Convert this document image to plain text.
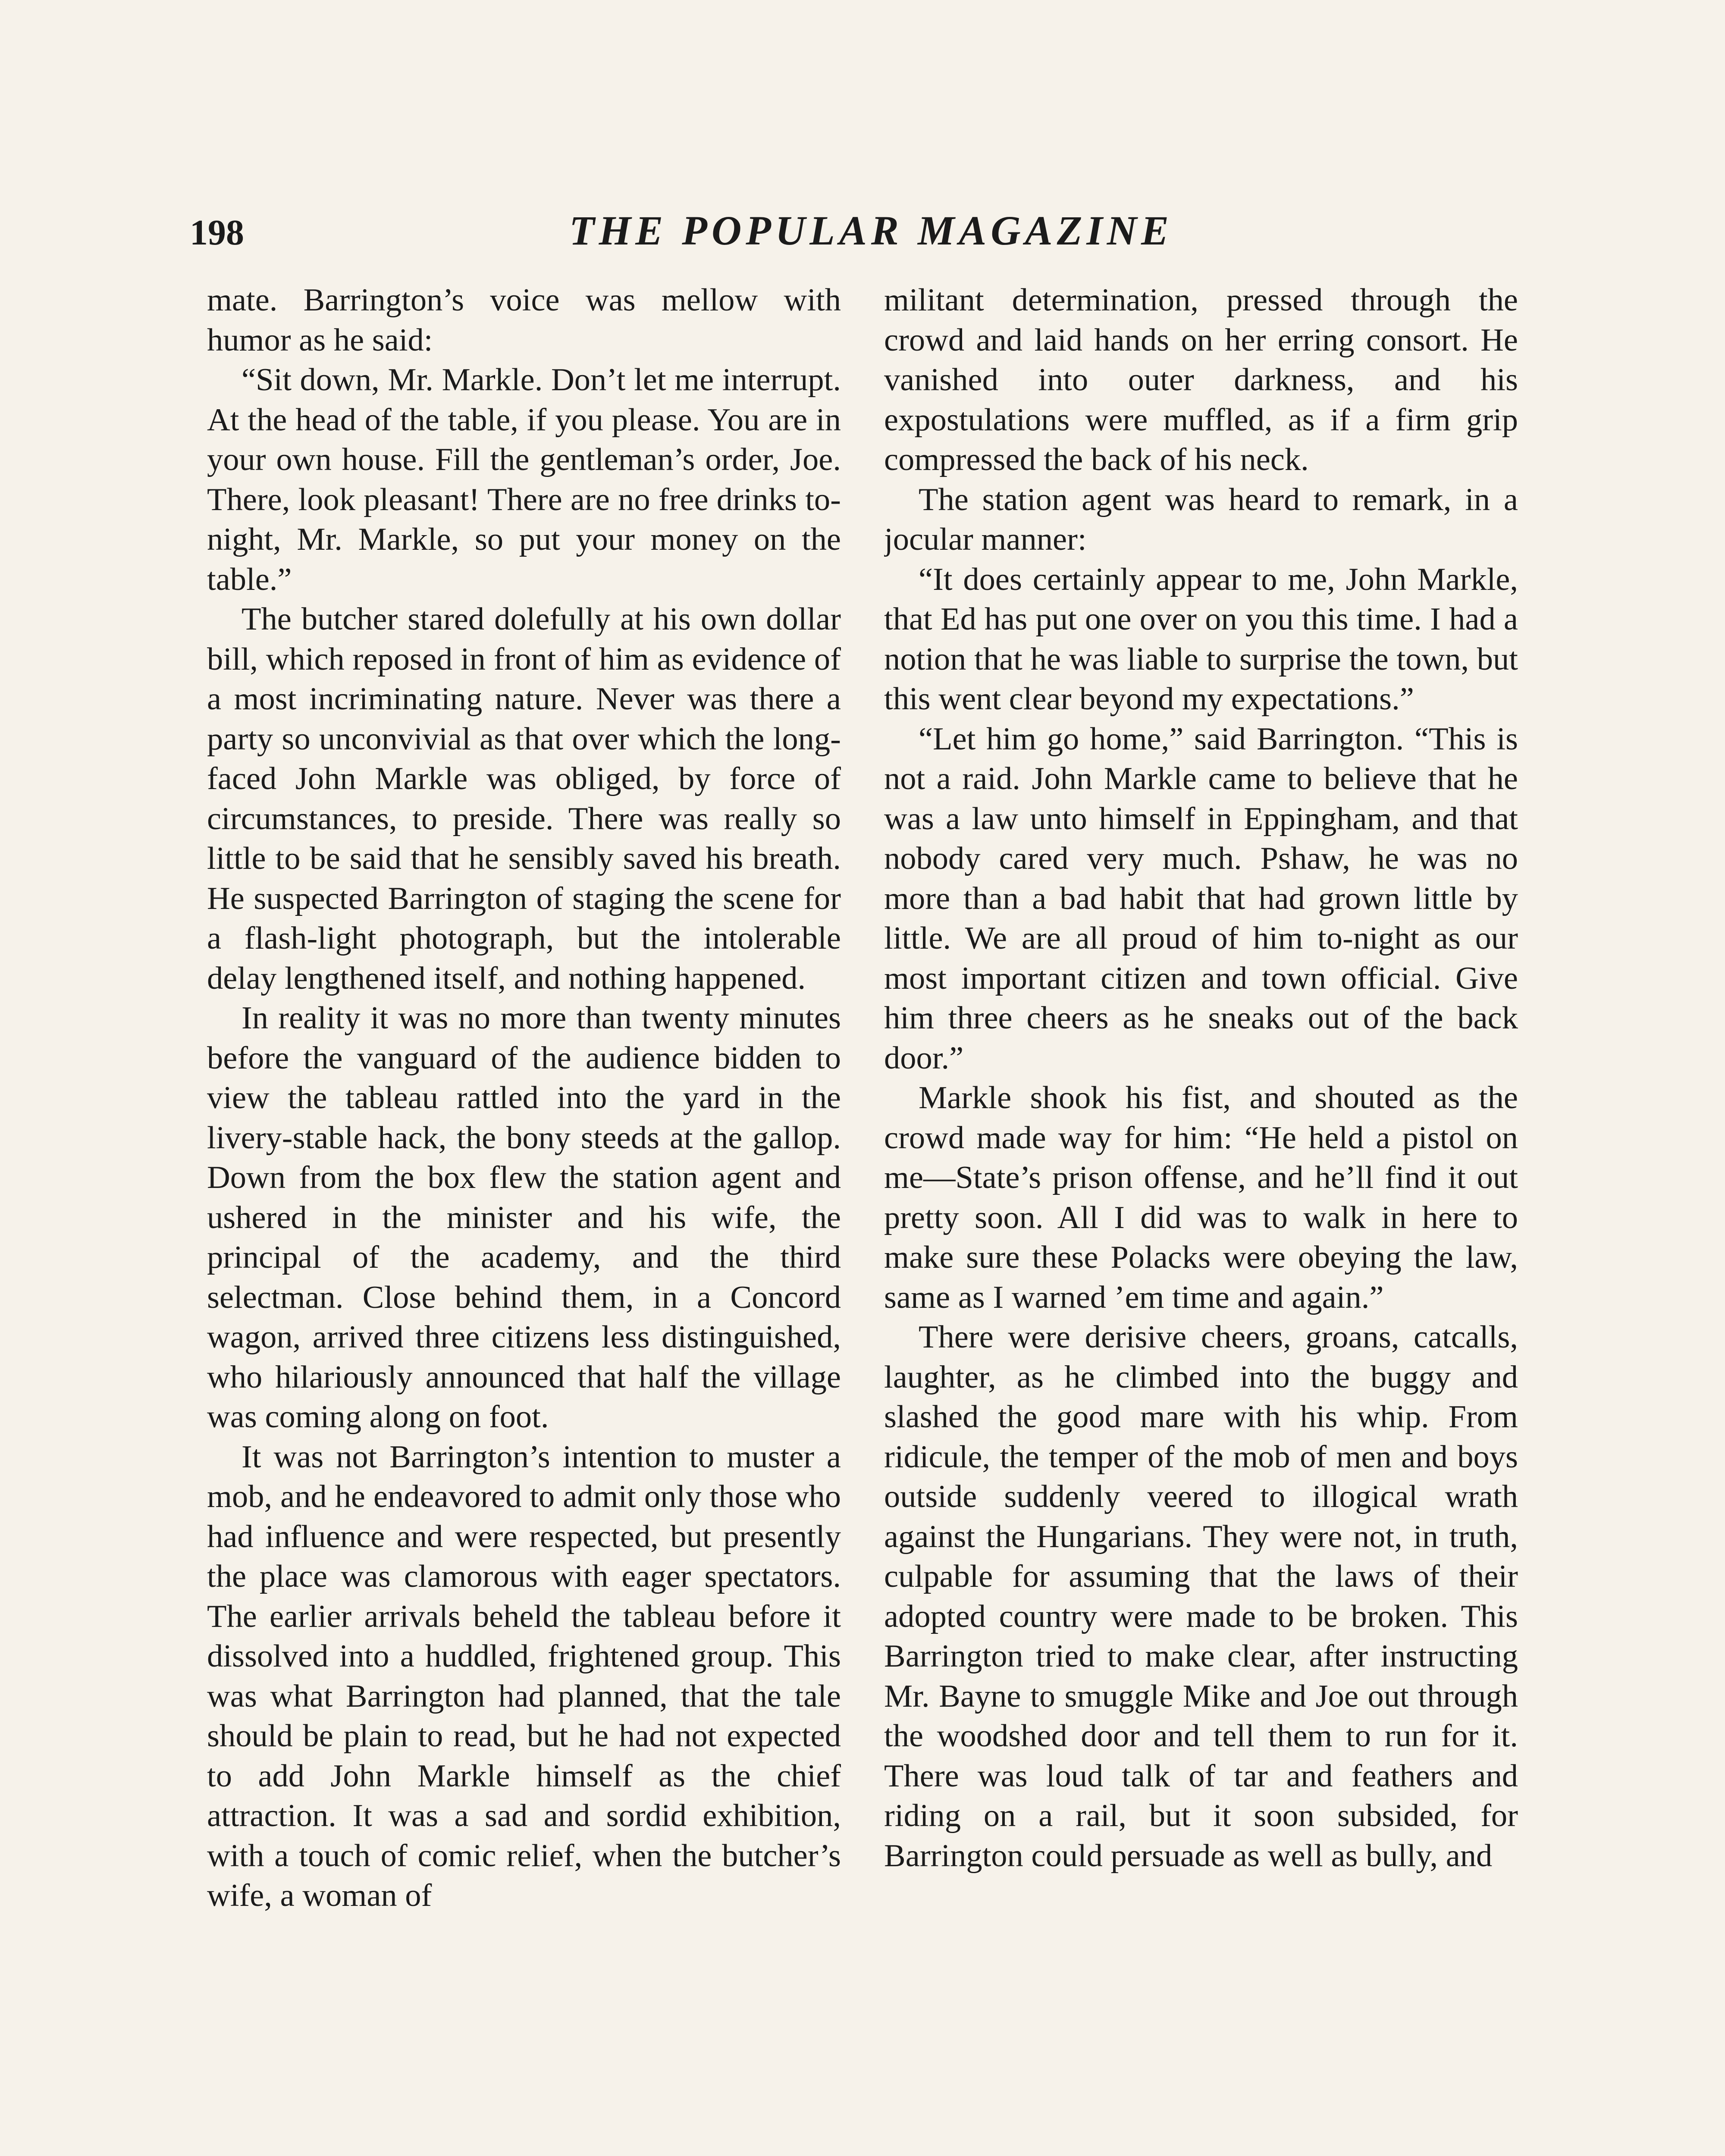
198	THE POPULAR MAGAZINE

mate. Barrington’s voice was mellow with humor as he said:

“Sit down, Mr. Markle. Don’t let me interrupt. At the head of the table, if you please. You are in your own house. Fill the gentleman’s order, Joe. There, look pleasant! There are no free drinks to-night, Mr. Markle, so put your money on the table.”

The butcher stared dolefully at his own dollar bill, which reposed in front of him as evidence of a most incriminating nature. Never was there a party so unconvivial as that over which the long-faced John Markle was obliged, by force of circumstances, to preside. There was really so little to be said that he sensibly saved his breath. He suspected Barrington of staging the scene for a flash-light photograph, but the intolerable delay lengthened itself, and nothing happened.

In reality it was no more than twenty minutes before the vanguard of the audience bidden to view the tableau rattled into the yard in the livery-stable hack, the bony steeds at the gallop. Down from the box flew the station agent and ushered in the minister and his wife, the principal of the academy, and the third selectman. Close behind them, in a Concord wagon, arrived three citizens less distinguished, who hilariously announced that half the village was coming along on foot.

It was not Barrington’s intention to muster a mob, and he endeavored to admit only those who had influence and were respected, but presently the place was clamorous with eager spectators. The earlier arrivals beheld the tableau before it dissolved into a huddled, frightened group. This was what Barrington had planned, that the tale should be plain to read, but he had not expected to add John Markle himself as the chief attraction. It was a sad and sordid exhibition, with a touch of comic relief, when the butcher’s wife, a woman of

militant determination, pressed through the crowd and laid hands on her erring consort. He vanished into outer darkness, and his expostulations were muffled, as if a firm grip compressed the back of his neck.

The station agent was heard to remark, in a jocular manner:

“It does certainly appear to me, John Markle, that Ed has put one over on you this time. I had a notion that he was liable to surprise the town, but this went clear beyond my expectations.”

“Let him go home,” said Barrington. “This is not a raid. John Markle came to believe that he was a law unto himself in Eppingham, and that nobody cared very much. Pshaw, he was no more than a bad habit that had grown little by little. We are all proud of him to-night as our most important citizen and town official. Give him three cheers as he sneaks out of the back door.”

Markle shook his fist, and shouted as the crowd made way for him: “He held a pistol on me—State’s prison offense, and he’ll find it out pretty soon. All I did was to walk in here to make sure these Polacks were obeying the law, same as I warned ’em time and again.”

There were derisive cheers, groans, catcalls, laughter, as he climbed into the buggy and slashed the good mare with his whip. From ridicule, the temper of the mob of men and boys outside suddenly veered to illogical wrath against the Hungarians. They were not, in truth, culpable for assuming that the laws of their adopted country were made to be broken. This Barrington tried to make clear, after instructing Mr. Bayne to smuggle Mike and Joe out through the woodshed door and tell them to run for it. There was loud talk of tar and feathers and riding on a rail, but it soon subsided, for Barrington could persuade as well as bully, and
